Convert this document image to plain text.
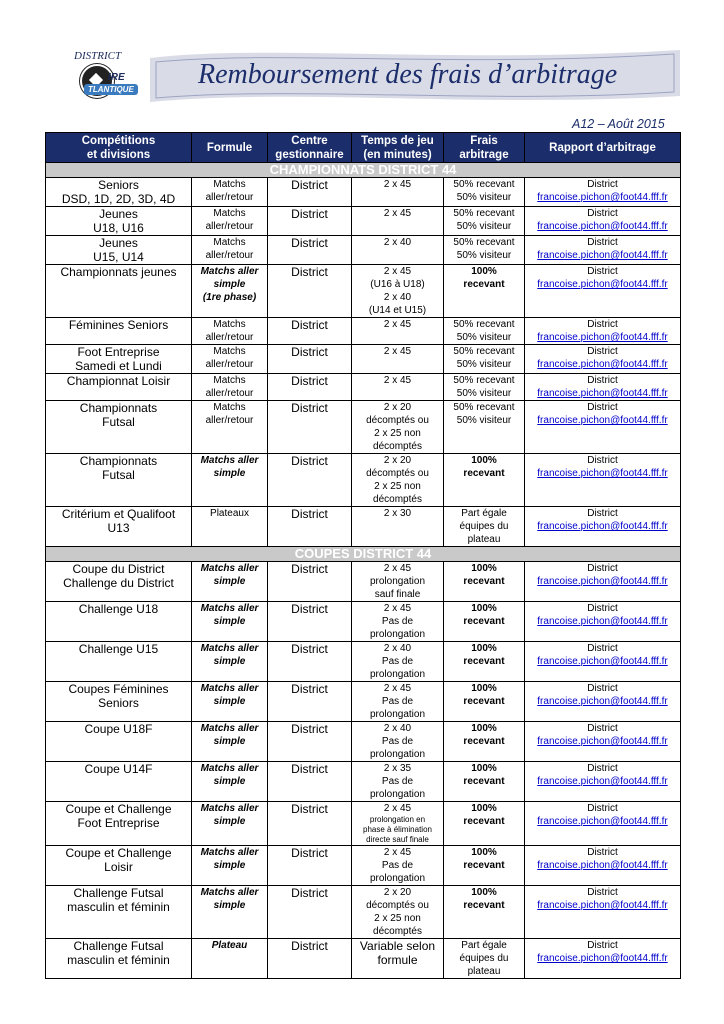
DISTRICT
IRE
TLANTIQUE Remboursement des frais d’arbitrage
A12 – Août 2015
Compétitions
et divisions	Formule	Centre
gestionnaire	Temps de jeu
(en minutes)	Frais
arbitrage	Rapport d’arbitrage
CHAMPIONNATS DISTRICT 44					

Seniors
DSD, 1D, 2D, 3D, 4D	Matchs
aller/retour	District	2 x 45	50% recevant
50% visiteur	District
francoise.pichon@foot44.fff.fr

Jeunes
U18, U16	Matchs
aller/retour	District	2 x 45	50% recevant
50% visiteur	District
francoise.pichon@foot44.fff.fr

Jeunes
U15, U14	Matchs
aller/retour	District	2 x 40	50% recevant
50% visiteur	District
francoise.pichon@foot44.fff.fr

Championnats jeunes	Matchs aller
simple
(1re phase)	District	2 x 45
(U16 à U18)
2 x 40
(U14 et U15)	100%
recevant	District
francoise.pichon@foot44.fff.fr

Féminines Seniors	Matchs
aller/retour	District	2 x 45	50% recevant
50% visiteur	District
francoise.pichon@foot44.fff.fr

Foot Entreprise
Samedi et Lundi	Matchs
aller/retour	District	2 x 45	50% recevant
50% visiteur	District
francoise.pichon@foot44.fff.fr

Championnat Loisir	Matchs
aller/retour	District	2 x 45	50% recevant
50% visiteur	District
francoise.pichon@foot44.fff.fr

Championnats
Futsal	Matchs
aller/retour	District	2 x 20
décomptés ou
2 x 25 non
décomptés	50% recevant
50% visiteur	District
francoise.pichon@foot44.fff.fr

Championnats
Futsal	Matchs aller
simple	District	2 x 20
décomptés ou
2 x 25 non
décomptés	100%
recevant	District
francoise.pichon@foot44.fff.fr

Critérium et Qualifoot
U13	Plateaux	District	2 x 30	Part égale
équipes du
plateau	District
francoise.pichon@foot44.fff.fr

COUPES DISTRICT 44					

Coupe du District
Challenge du District	Matchs aller
simple	District	2 x 45
prolongation
sauf finale	100%
recevant	District
francoise.pichon@foot44.fff.fr

Challenge U18	Matchs aller
simple	District	2 x 45
Pas de
prolongation	100%
recevant	District
francoise.pichon@foot44.fff.fr

Challenge U15	Matchs aller
simple	District	2 x 40
Pas de
prolongation	100%
recevant	District
francoise.pichon@foot44.fff.fr

Coupes Féminines
Seniors	Matchs aller
simple	District	2 x 45
Pas de
prolongation	100%
recevant	District
francoise.pichon@foot44.fff.fr

Coupe U18F	Matchs aller
simple	District	2 x 40
Pas de
prolongation	100%
recevant	District
francoise.pichon@foot44.fff.fr

Coupe U14F	Matchs aller
simple	District	2 x 35
Pas de
prolongation	100%
recevant	District
francoise.pichon@foot44.fff.fr

Coupe et Challenge
Foot Entreprise	Matchs aller
simple	District	2 x 45
prolongation en
phase à élimination
directe sauf finale	100%
recevant	District
francoise.pichon@foot44.fff.fr

Coupe et Challenge
Loisir	Matchs aller
simple	District	2 x 45
Pas de
prolongation	100%
recevant	District
francoise.pichon@foot44.fff.fr

Challenge Futsal
masculin et féminin	Matchs aller
simple	District	2 x 20
décomptés ou
2 x 25 non
décomptés	100%
recevant	District
francoise.pichon@foot44.fff.fr

Challenge Futsal
masculin et féminin	Plateau	District	Variable selon
formule	Part égale
équipes du
plateau	District
francoise.pichon@foot44.fff.fr
